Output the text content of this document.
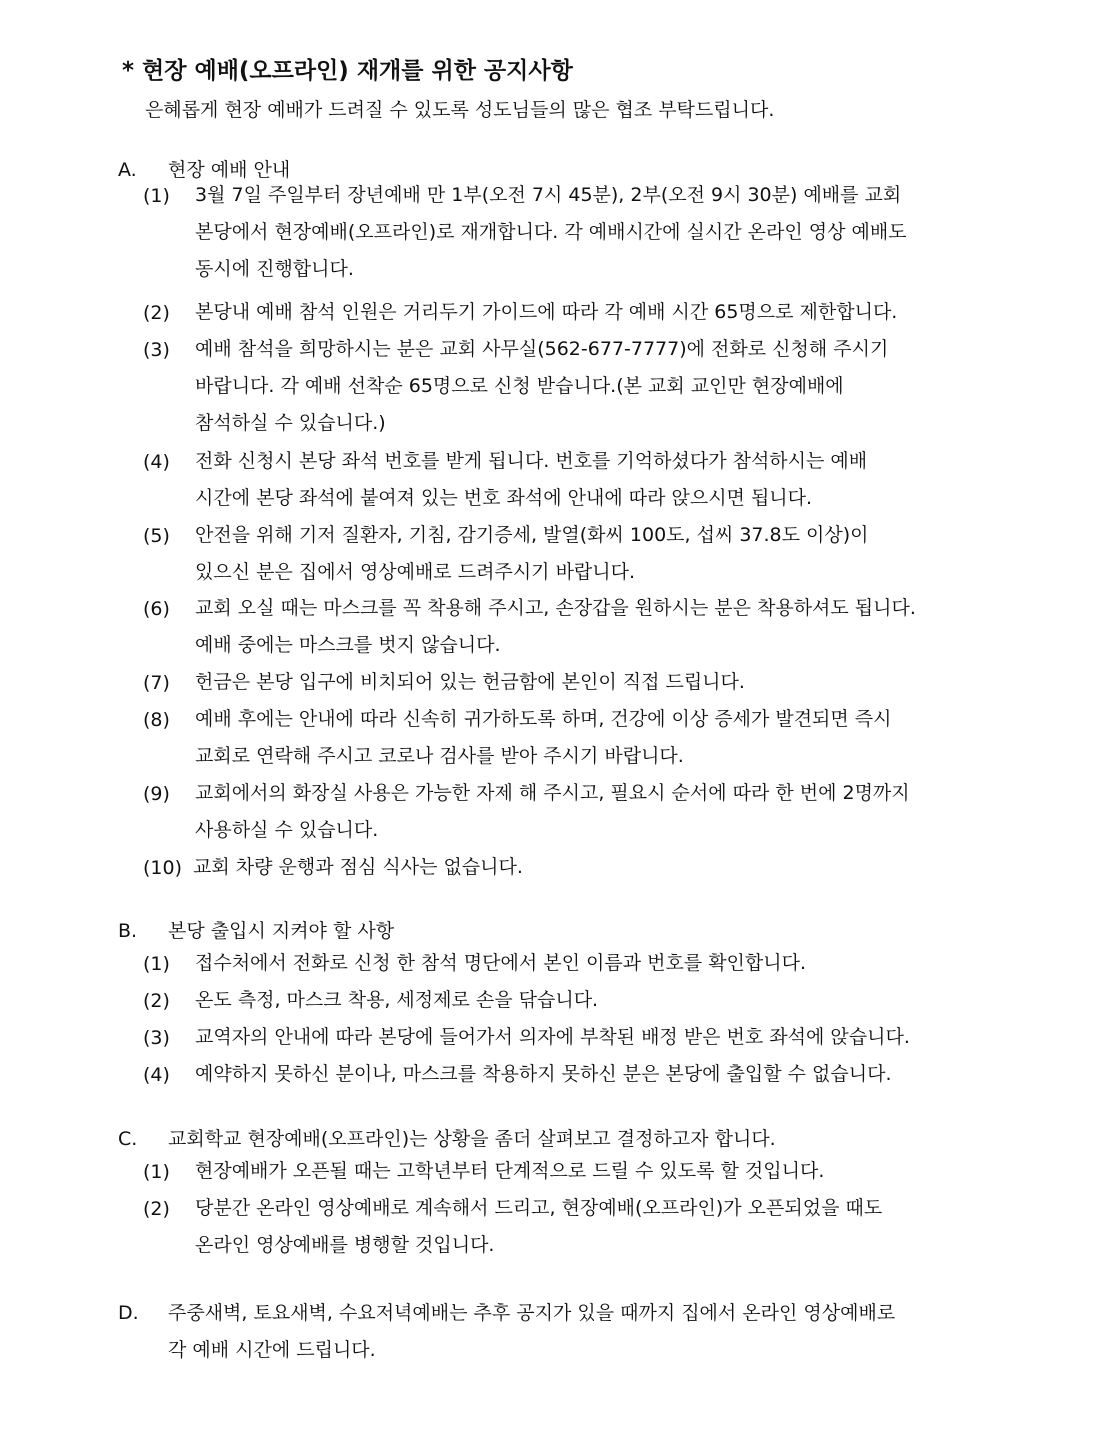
* 현장 예배(오프라인) 재개를 위한 공지사항
은혜롭게 현장 예배가 드려질 수 있도록 성도님들의 많은 협조 부탁드립니다.
A. 현장 예배 안내
(1) 3월 7일 주일부터 장년예배 만 1부(오전 7시 45분), 2부(오전 9시 30분) 예배를 교회
본당에서 현장예배(오프라인)로 재개합니다. 각 예배시간에 실시간 온라인 영상 예배도
동시에 진행합니다.
(2) 본당내 예배 참석 인원은 거리두기 가이드에 따라 각 예배 시간 65명으로 제한합니다.
(3) 예배 참석을 희망하시는 분은 교회 사무실(562-677-7777)에 전화로 신청해 주시기
바랍니다. 각 예배 선착순 65명으로 신청 받습니다.(본 교회 교인만 현장예배에
참석하실 수 있습니다.)
(4) 전화 신청시 본당 좌석 번호를 받게 됩니다. 번호를 기억하셨다가 참석하시는 예배
시간에 본당 좌석에 붙여져 있는 번호 좌석에 안내에 따라 앉으시면 됩니다.
(5) 안전을 위해 기저 질환자, 기침, 감기증세, 발열(화씨 100도, 섭씨 37.8도 이상)이
있으신 분은 집에서 영상예배로 드려주시기 바랍니다.
(6) 교회 오실 때는 마스크를 꼭 착용해 주시고, 손장갑을 원하시는 분은 착용하셔도 됩니다.
예배 중에는 마스크를 벗지 않습니다.
(7) 헌금은 본당 입구에 비치되어 있는 헌금함에 본인이 직접 드립니다.
(8) 예배 후에는 안내에 따라 신속히 귀가하도록 하며, 건강에 이상 증세가 발견되면 즉시
교회로 연락해 주시고 코로나 검사를 받아 주시기 바랍니다.
(9) 교회에서의 화장실 사용은 가능한 자제 해 주시고, 필요시 순서에 따라 한 번에 2명까지
사용하실 수 있습니다.
(10) 교회 차량 운행과 점심 식사는 없습니다.
B. 본당 출입시 지켜야 할 사항
(1) 접수처에서 전화로 신청 한 참석 명단에서 본인 이름과 번호를 확인합니다.
(2) 온도 측정, 마스크 착용, 세정제로 손을 닦습니다.
(3) 교역자의 안내에 따라 본당에 들어가서 의자에 부착된 배정 받은 번호 좌석에 앉습니다.
(4) 예약하지 못하신 분이나, 마스크를 착용하지 못하신 분은 본당에 출입할 수 없습니다.
C. 교회학교 현장예배(오프라인)는 상황을 좀더 살펴보고 결정하고자 합니다.
(1) 현장예배가 오픈될 때는 고학년부터 단계적으로 드릴 수 있도록 할 것입니다.
(2) 당분간 온라인 영상예배로 계속해서 드리고, 현장예배(오프라인)가 오픈되었을 때도
온라인 영상예배를 병행할 것입니다.
D. 주중새벽, 토요새벽, 수요저녁예배는 추후 공지가 있을 때까지 집에서 온라인 영상예배로
각 예배 시간에 드립니다.
